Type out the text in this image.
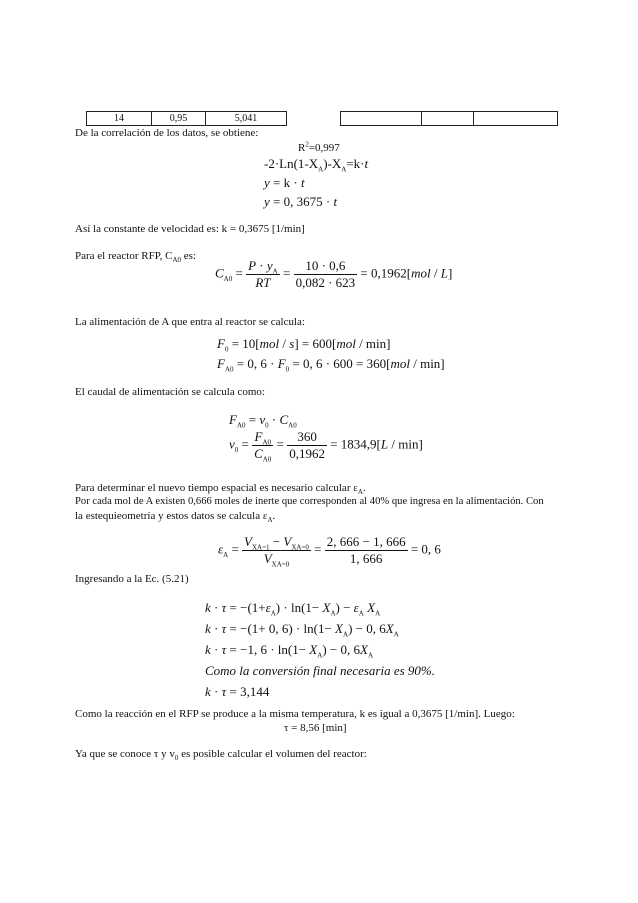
14	0,95	5,041				
De la correlación de los datos, se obtiene:
$R^2=0,997$
$-2\cdot Ln(1-X_A)-X_A=k\cdot t$
y = k · t
y = 0, 3675 · t
Así la constante de velocidad es: k = 0,3675 [1/min]
Para el reactor RFP, $C_{A0}$ es:
$C_{A0} = \frac{P \cdot y_A}{RT} = \frac{10 \cdot 0,6}{0,082 \cdot 623} = 0,1962[mol / L]$
La alimentación de A que entra al reactor se calcula:
$F_0 = 10[mol / s] = 600[mol / \min]$
$F_{A0} = 0$, $6 \cdot F_0 = 0$, 6 · 600 = 360[mol / min]
El caudal de alimentación se calcula como:
$F_{A0} = v_0 \cdot C_{A0}$
$v_0 = \frac{F_{A0}}{C_{A0}} = \frac{360}{0,1962} = 1834,9[L / \min]$
Para determinar el nuevo tiempo espacial es necesario calcular $\varepsilon_A$.
Por cada mol de A existen 0,666 moles de inerte que corresponden al 40% que ingresa en la alimentación. Con
la estequieometría y estos datos se calcula $\varepsilon_A$.
$\varepsilon_A = \frac{V_{XA=1} - V_{XA=0}}{V_{XA=0}} = \frac{2, 666 - 1, 666}{1, 666} = 0$, 6
Ingresando a la Ec. (5.21)
$k \cdot \tau = -(1+\varepsilon_A) \cdot \ln(1- X_A) - \varepsilon_A$ $X_A$
k · τ = −(1+ 0, $6) \cdot \ln(1- X_A) - 0$, $6X_A$
k · τ = −1, $6 \cdot \ln(1- X_A) - 0$, $6X_A$
Como la conversión final necesaria es 90%.
k · τ = 3,144
Como la reacción en el RFP se produce a la misma temperatura, k es igual a 0,3675 [1/min]. Luego:
τ = 8,56 [min]
Ya que se conoce τ y $v_0$ es posible calcular el volumen del reactor:
